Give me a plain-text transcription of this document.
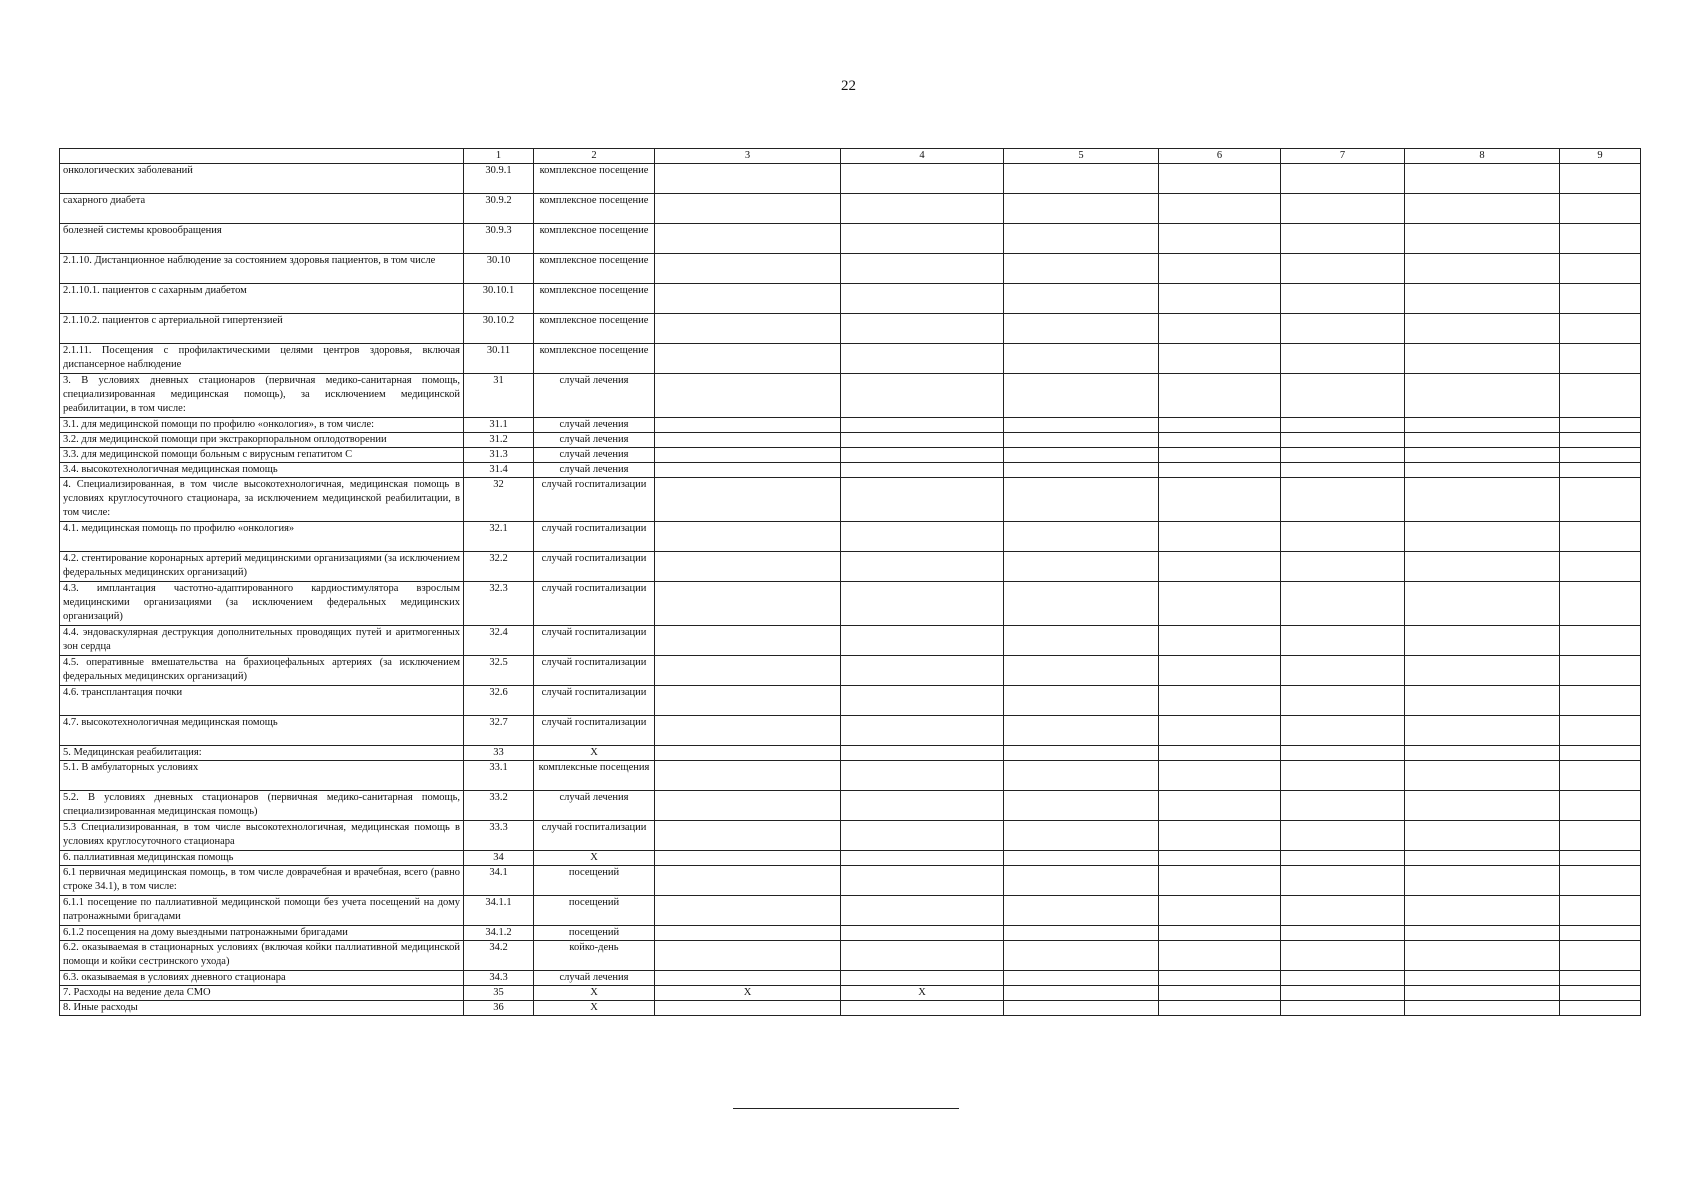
22
	1	2	3	4	5	6	7	8	9
онкологических заболеваний	30.9.1	комплексное посещение							
сахарного диабета	30.9.2	комплексное посещение							
болезней системы кровообращения	30.9.3	комплексное посещение							
2.1.10. Дистанционное наблюдение за состоянием здоровья пациентов, в том числе	30.10	комплексное посещение							
2.1.10.1. пациентов с сахарным диабетом	30.10.1	комплексное посещение							
2.1.10.2. пациентов с артериальной гипертензией	30.10.2	комплексное посещение							
2.1.11. Посещения с профилактическими целями центров здоровья, включая диспансерное наблюдение	30.11	комплексное посещение							
3. В условиях дневных стационаров (первичная медико-санитарная помощь, специализированная медицинская помощь), за исключением медицинской реабилитации, в том числе:	31	случай лечения							
3.1. для медицинской помощи по профилю «онкология», в том числе:	31.1	случай лечения							
3.2. для медицинской помощи при экстракорпоральном оплодотворении	31.2	случай лечения							
3.3. для медицинской помощи больным с вирусным гепатитом С	31.3	случай лечения							
3.4. высокотехнологичная медицинская помощь	31.4	случай лечения							
4. Специализированная, в том числе высокотехнологичная, медицинская помощь в условиях круглосуточного стационара, за исключением медицинской реабилитации, в том числе:	32	случай госпитализации							
4.1. медицинская помощь по профилю «онкология»	32.1	случай госпитализации							
4.2. стентирование коронарных артерий медицинскими организациями (за исключением федеральных медицинских организаций)	32.2	случай госпитализации							
4.3. имплантация частотно-адаптированного кардиостимулятора взрослым медицинскими организациями (за исключением федеральных медицинских организаций)	32.3	случай госпитализации							
4.4. эндоваскулярная деструкция дополнительных проводящих путей и аритмогенных зон сердца	32.4	случай госпитализации							
4.5. оперативные вмешательства на брахиоцефальных артериях (за исключением федеральных медицинских организаций)	32.5	случай госпитализации							
4.6. трансплантация почки	32.6	случай госпитализации							
4.7. высокотехнологичная медицинская помощь	32.7	случай госпитализации							
5. Медицинская реабилитация:	33	Х							
5.1. В амбулаторных условиях	33.1	комплексные посещения							
5.2. В условиях дневных стационаров (первичная медико-санитарная помощь, специализированная медицинская помощь)	33.2	случай лечения							
5.3 Специализированная, в том числе высокотехнологичная, медицинская помощь в условиях круглосуточного стационара	33.3	случай госпитализации							
6. паллиативная медицинская помощь	34	Х							
6.1 первичная медицинская помощь, в том числе доврачебная и врачебная, всего (равно строке 34.1), в том числе:	34.1	посещений							
6.1.1 посещение по паллиативной медицинской помощи без учета посещений на дому патронажными бригадами	34.1.1	посещений							
6.1.2 посещения на дому выездными патронажными бригадами	34.1.2	посещений							
6.2. оказываемая в стационарных условиях (включая койки паллиативной медицинской помощи и койки сестринского ухода)	34.2	койко-день							
6.3. оказываемая в условиях дневного стационара	34.3	случай лечения							
7. Расходы на ведение дела СМО	35	Х	Х	Х					
8. Иные расходы	36	Х							
